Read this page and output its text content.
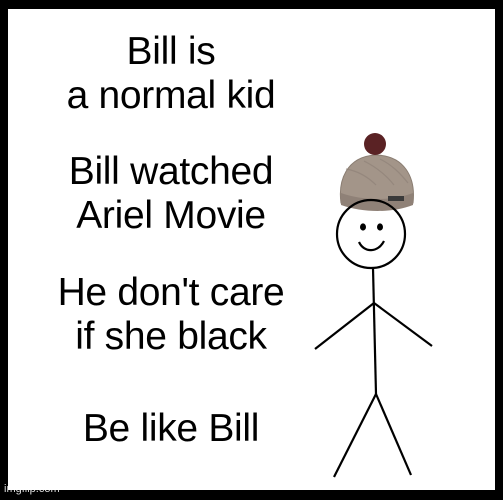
Bill is
a normal kid
Bill watched
Ariel Movie
He don't care
if she black
Be like Bill
imgflip.com
